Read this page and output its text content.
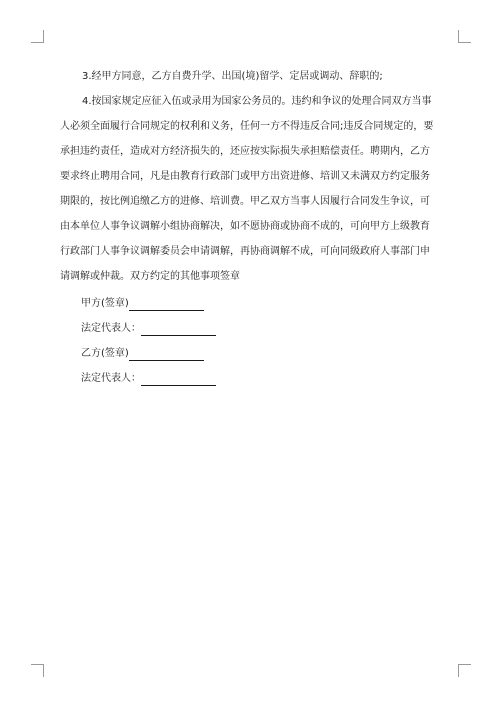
3.经甲方同意，乙方自费升学、出国(境)留学、定居或调动、辞职的;

4.按国家规定应征入伍或录用为国家公务员的。违约和争议的处理合同双方当事
人必须全面履行合同规定的权利和义务，任何一方不得违反合同;违反合同规定的，要
承担违约责任，造成对方经济损失的，还应按实际损失承担赔偿责任。聘期内，乙方
要求终止聘用合同，凡是由教育行政部门或甲方出资进修、培训又未满双方约定服务
期限的，按比例追缴乙方的进修、培训费。甲乙双方当事人因履行合同发生争议，可
由本单位人事争议调解小组协商解决，如不愿协商或协商不成的，可向甲方上级教育
行政部门人事争议调解委员会申请调解，再协商调解不成，可向同级政府人事部门申
请调解或仲裁。双方约定的其他事项签章

甲方(签章)
法定代表人：
乙方(签章)
法定代表人：
